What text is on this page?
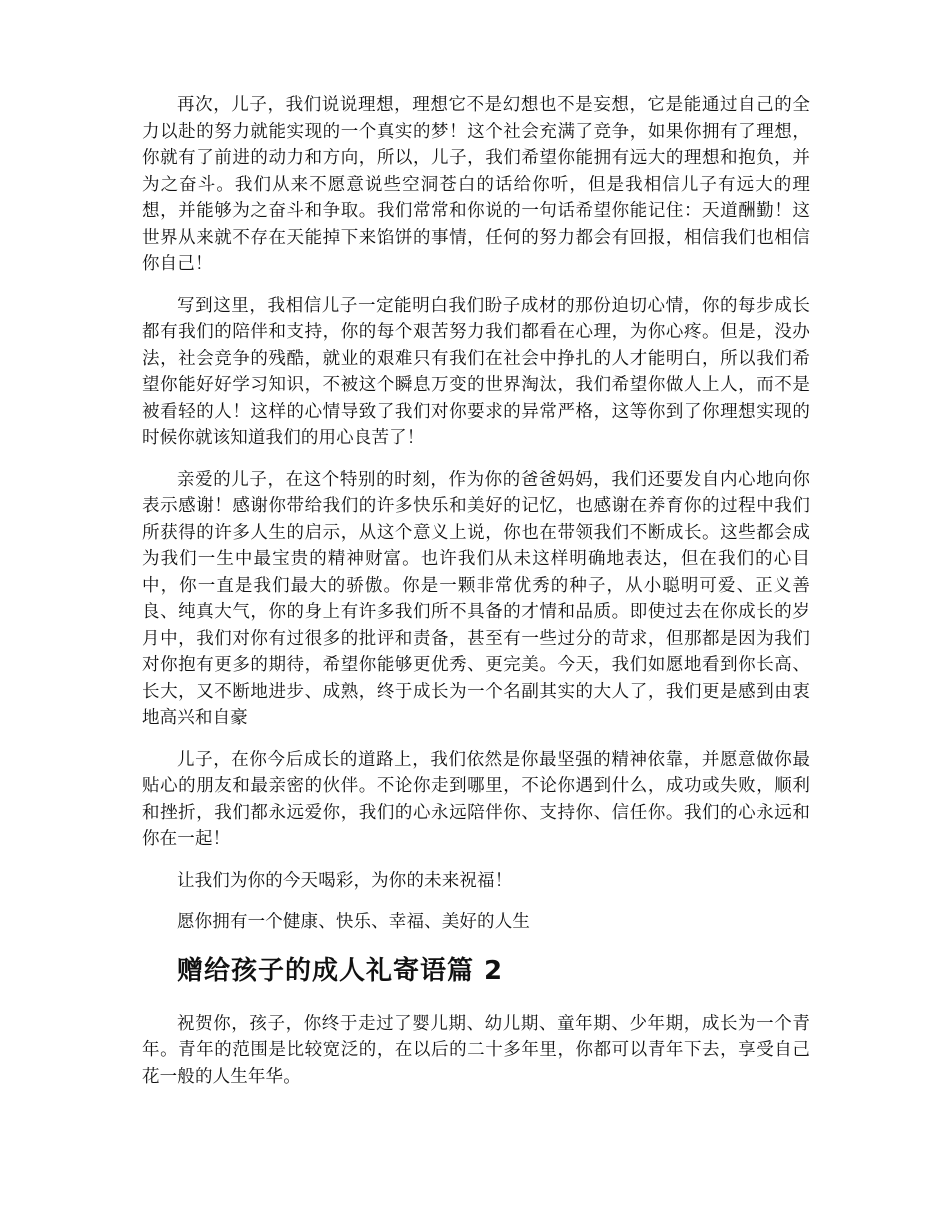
再次，儿子，我们说说理想，理想它不是幻想也不是妄想，它是能通过自己的全力以赴的努力就能实现的一个真实的梦！这个社会充满了竞争，如果你拥有了理想，你就有了前进的动力和方向，所以，儿子，我们希望你能拥有远大的理想和抱负，并为之奋斗。我们从来不愿意说些空洞苍白的话给你听，但是我相信儿子有远大的理想，并能够为之奋斗和争取。我们常常和你说的一句话希望你能记住：天道酬勤！这世界从来就不存在天能掉下来馅饼的事情，任何的努力都会有回报，相信我们也相信你自己！

写到这里，我相信儿子一定能明白我们盼子成材的那份迫切心情，你的每步成长都有我们的陪伴和支持，你的每个艰苦努力我们都看在心理，为你心疼。但是，没办法，社会竞争的残酷，就业的艰难只有我们在社会中挣扎的人才能明白，所以我们希望你能好好学习知识，不被这个瞬息万变的世界淘汰，我们希望你做人上人，而不是被看轻的人！这样的心情导致了我们对你要求的异常严格，这等你到了你理想实现的时候你就该知道我们的用心良苦了！

亲爱的儿子，在这个特别的时刻，作为你的爸爸妈妈，我们还要发自内心地向你表示感谢！感谢你带给我们的许多快乐和美好的记忆，也感谢在养育你的过程中我们所获得的许多人生的启示，从这个意义上说，你也在带领我们不断成长。这些都会成为我们一生中最宝贵的精神财富。也许我们从未这样明确地表达，但在我们的心目中，你一直是我们最大的骄傲。你是一颗非常优秀的种子，从小聪明可爱、正义善良、纯真大气，你的身上有许多我们所不具备的才情和品质。即使过去在你成长的岁月中，我们对你有过很多的批评和责备，甚至有一些过分的苛求，但那都是因为我们对你抱有更多的期待，希望你能够更优秀、更完美。今天，我们如愿地看到你长高、长大，又不断地进步、成熟，终于成长为一个名副其实的大人了，我们更是感到由衷地高兴和自豪

儿子，在你今后成长的道路上，我们依然是你最坚强的精神依靠，并愿意做你最贴心的朋友和最亲密的伙伴。不论你走到哪里，不论你遇到什么，成功或失败，顺利和挫折，我们都永远爱你，我们的心永远陪伴你、支持你、信任你。我们的心永远和你在一起！

让我们为你的今天喝彩，为你的未来祝福！

愿你拥有一个健康、快乐、幸福、美好的人生

赠给孩子的成人礼寄语篇 2

祝贺你，孩子，你终于走过了婴儿期、幼儿期、童年期、少年期，成长为一个青年。青年的范围是比较宽泛的，在以后的二十多年里，你都可以青年下去，享受自己花一般的人生年华。
